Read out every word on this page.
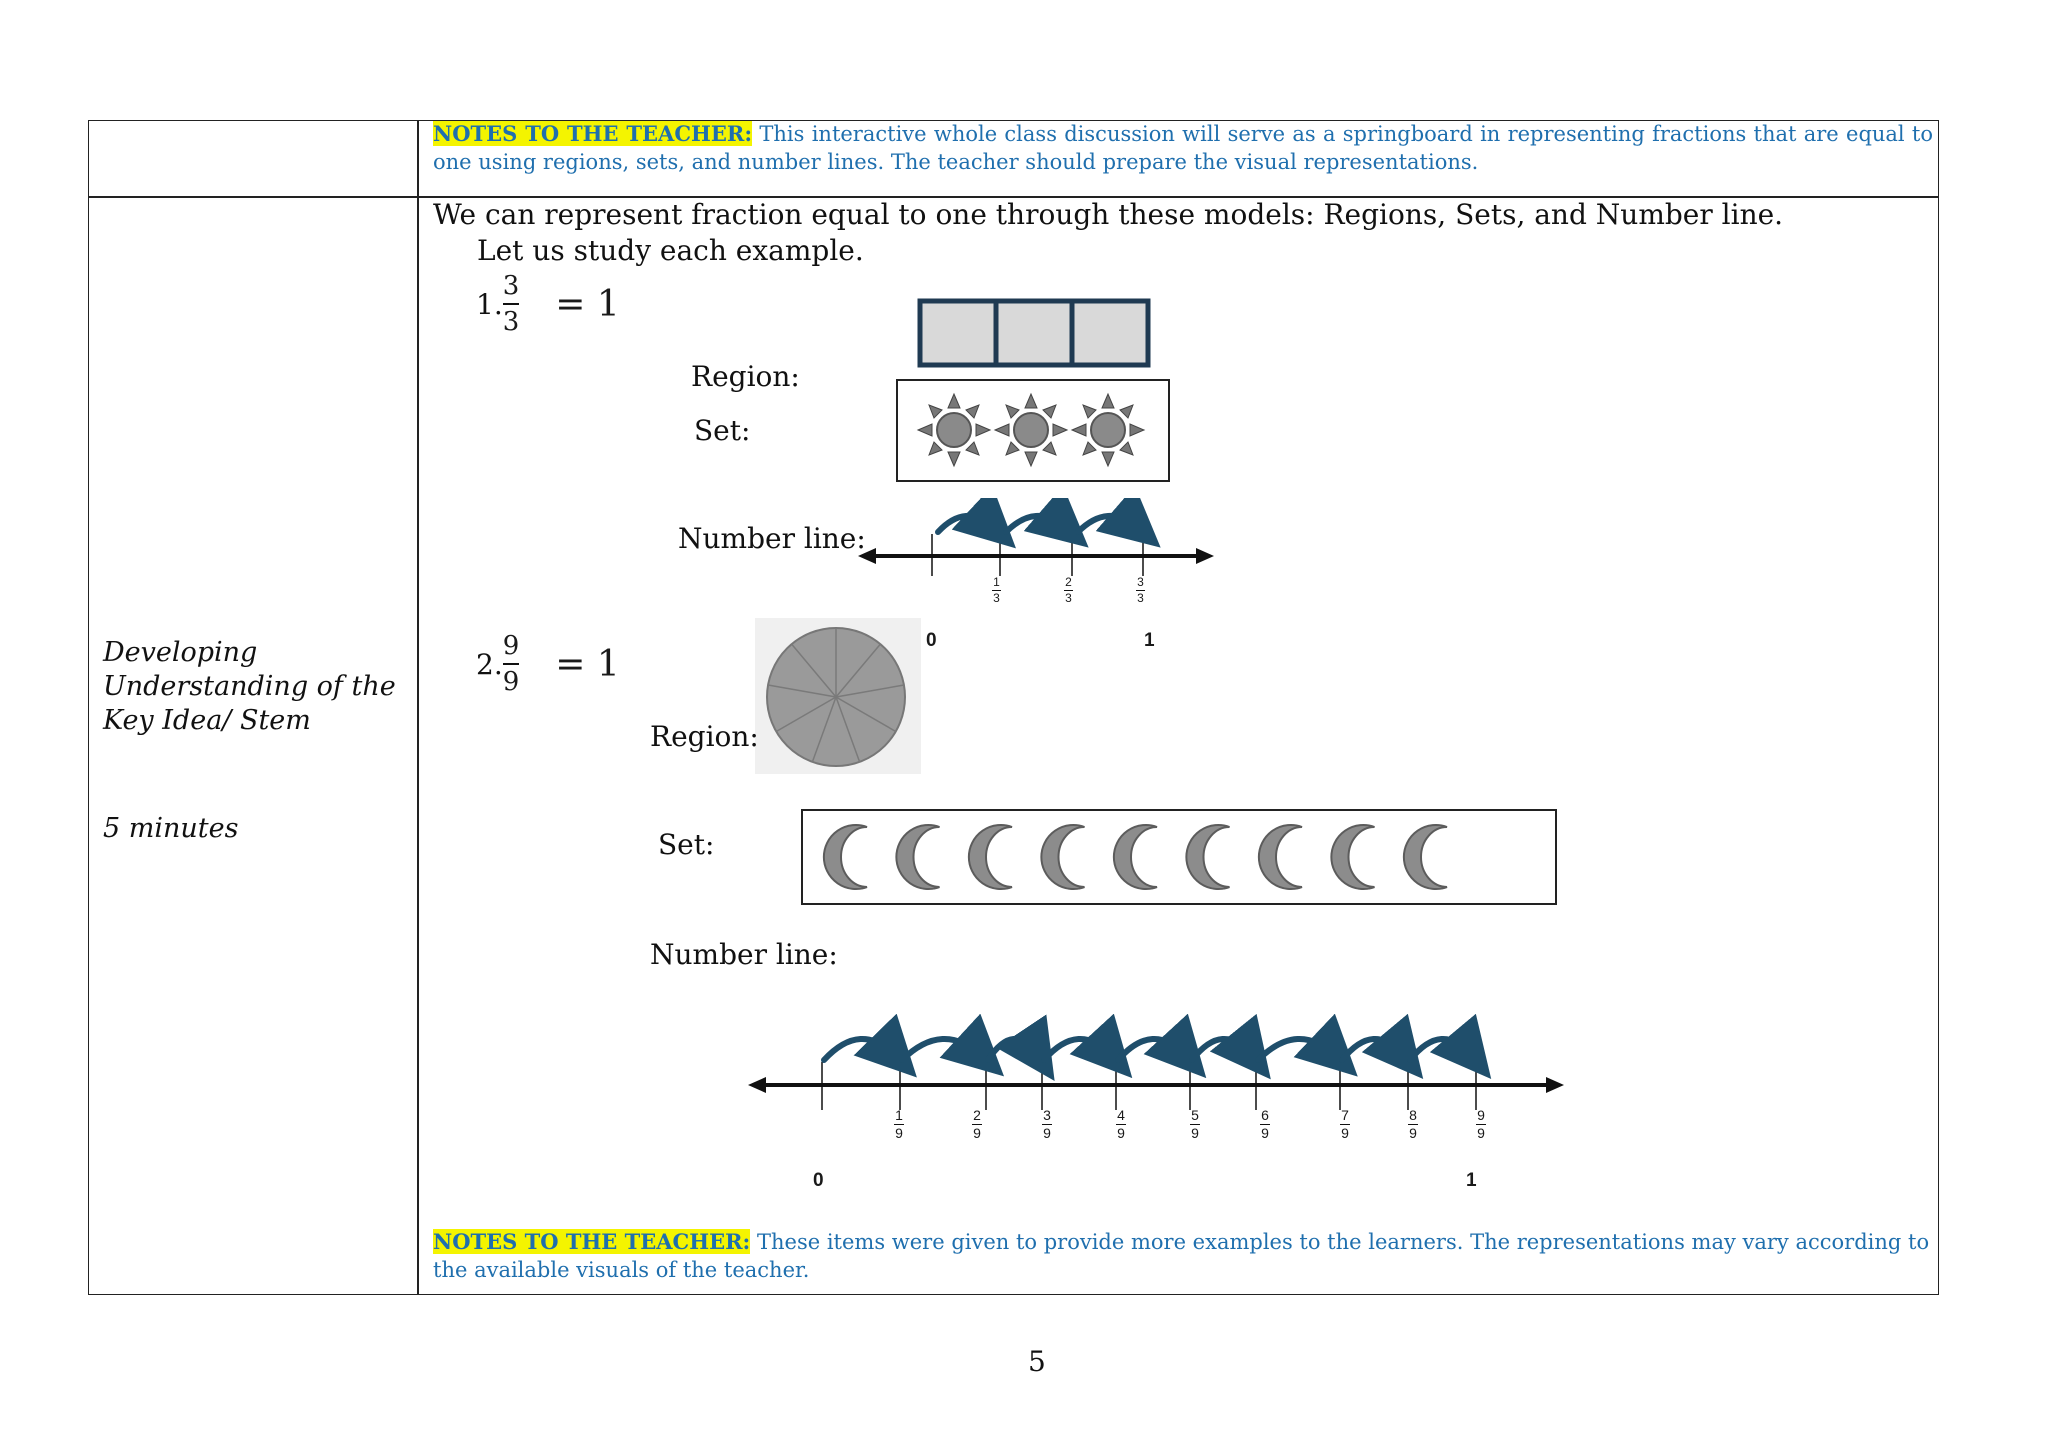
NOTES TO THE TEACHER: This interactive whole class discussion will serve as a springboard in representing fractions that are equal to one using regions, sets, and number lines. The teacher should prepare the visual representations.
Developing
Understanding of the
Key Idea/ Stem
5 minutes
We can represent fraction equal to one through these models: Regions, Sets, and Number line.
Let us study each example.
1. $\frac{3}{3} = 1$
Region:
Set:
Number line:
1
3
2
3
3
3
0	1
2. $\frac{9}{9} = 1$
Region:
Set:
Number line:
1
9
2
9
3
9
4
9
5
9
6
9
7
9
8
9
9
9
0	1
NOTES TO THE TEACHER: These items were given to provide more examples to the learners. The representations may vary according to the available visuals of the teacher.
5
